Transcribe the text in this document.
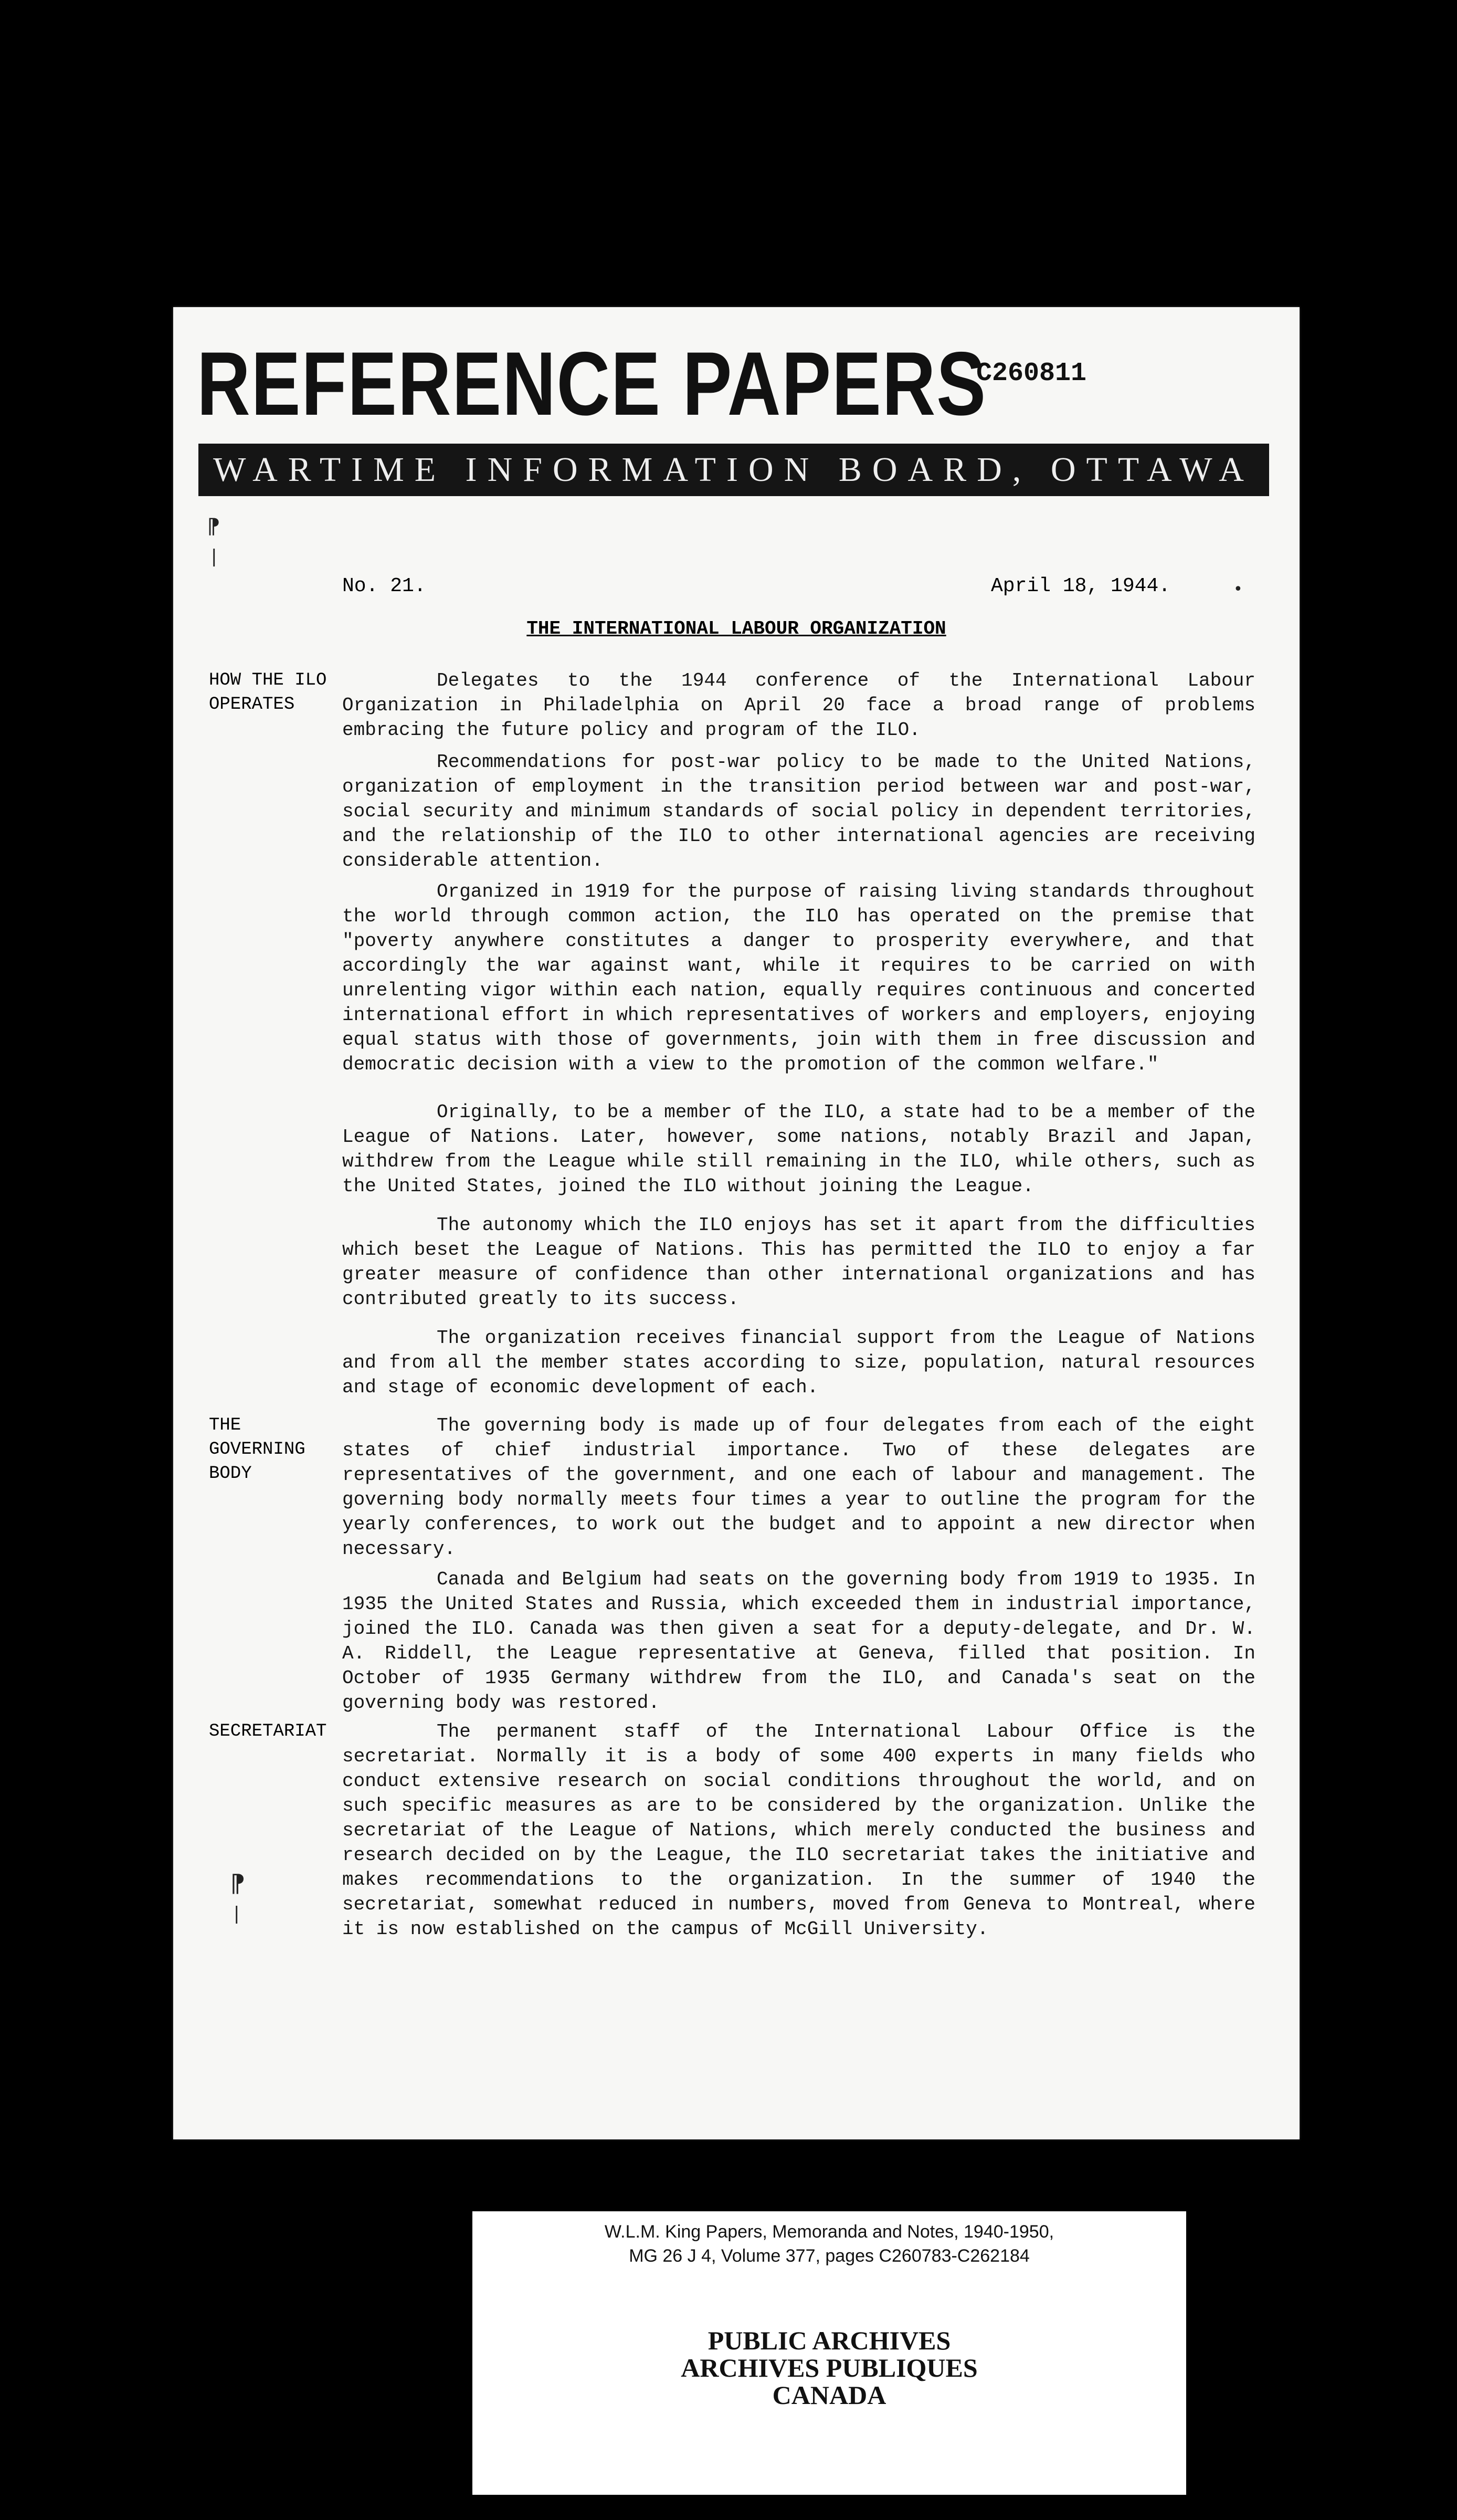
REFERENCE PAPERS
C260811
WARTIME INFORMATION BOARD, OTTAWA
⁋
|
•
No. 21.	April 18, 1944.
THE INTERNATIONAL LABOUR ORGANIZATION
HOW THE ILO
OPERATES
THE
GOVERNING
BODY
SECRETARIAT
⁋
|
Delegates to the 1944 conference of the International Labour Organization in Philadelphia on April 20 face a broad range of problems embracing the future policy and program of the ILO.
Recommendations for post-war policy to be made to the United Nations, organization of employment in the transition period between war and post-war, social security and minimum standards of social policy in dependent territories, and the relationship of the ILO to other international agencies are receiving considerable attention.
Organized in 1919 for the purpose of raising living standards throughout the world through common action, the ILO has operated on the premise that "poverty anywhere constitutes a danger to prosperity everywhere, and that accordingly the war against want, while it requires to be carried on with unrelenting vigor within each nation, equally requires continuous and concerted international effort in which representatives of workers and employers, enjoying equal status with those of governments, join with them in free discussion and democratic decision with a view to the promotion of the common welfare."
Originally, to be a member of the ILO, a state had to be a member of the League of Nations. Later, however, some nations, notably Brazil and Japan, withdrew from the League while still remaining in the ILO, while others, such as the United States, joined the ILO without joining the League.
The autonomy which the ILO enjoys has set it apart from the difficulties which beset the League of Nations. This has permitted the ILO to enjoy a far greater measure of confidence than other international organizations and has contributed greatly to its success.
The organization receives financial support from the League of Nations and from all the member states according to size, population, natural resources and stage of economic development of each.
The governing body is made up of four delegates from each of the eight states of chief industrial importance. Two of these delegates are representatives of the government, and one each of labour and management. The governing body normally meets four times a year to outline the program for the yearly conferences, to work out the budget and to appoint a new director when necessary.
Canada and Belgium had seats on the governing body from 1919 to 1935. In 1935 the United States and Russia, which exceeded them in industrial importance, joined the ILO. Canada was then given a seat for a deputy-delegate, and Dr. W. A. Riddell, the League representative at Geneva, filled that position. In October of 1935 Germany withdrew from the ILO, and Canada's seat on the governing body was restored.
The permanent staff of the International Labour Office is the secretariat. Normally it is a body of some 400 experts in many fields who conduct extensive research on social conditions throughout the world, and on such specific measures as are to be considered by the organization. Unlike the secretariat of the League of Nations, which merely conducted the business and research decided on by the League, the ILO secretariat takes the initiative and makes recommendations to the organization. In the summer of 1940 the secretariat, somewhat reduced in numbers, moved from Geneva to Montreal, where it is now established on the campus of McGill University.
W.L.M. King Papers, Memoranda and Notes, 1940-1950,
MG 26 J 4, Volume 377, pages C260783-C262184
PUBLIC ARCHIVES
ARCHIVES PUBLIQUES
CANADA
